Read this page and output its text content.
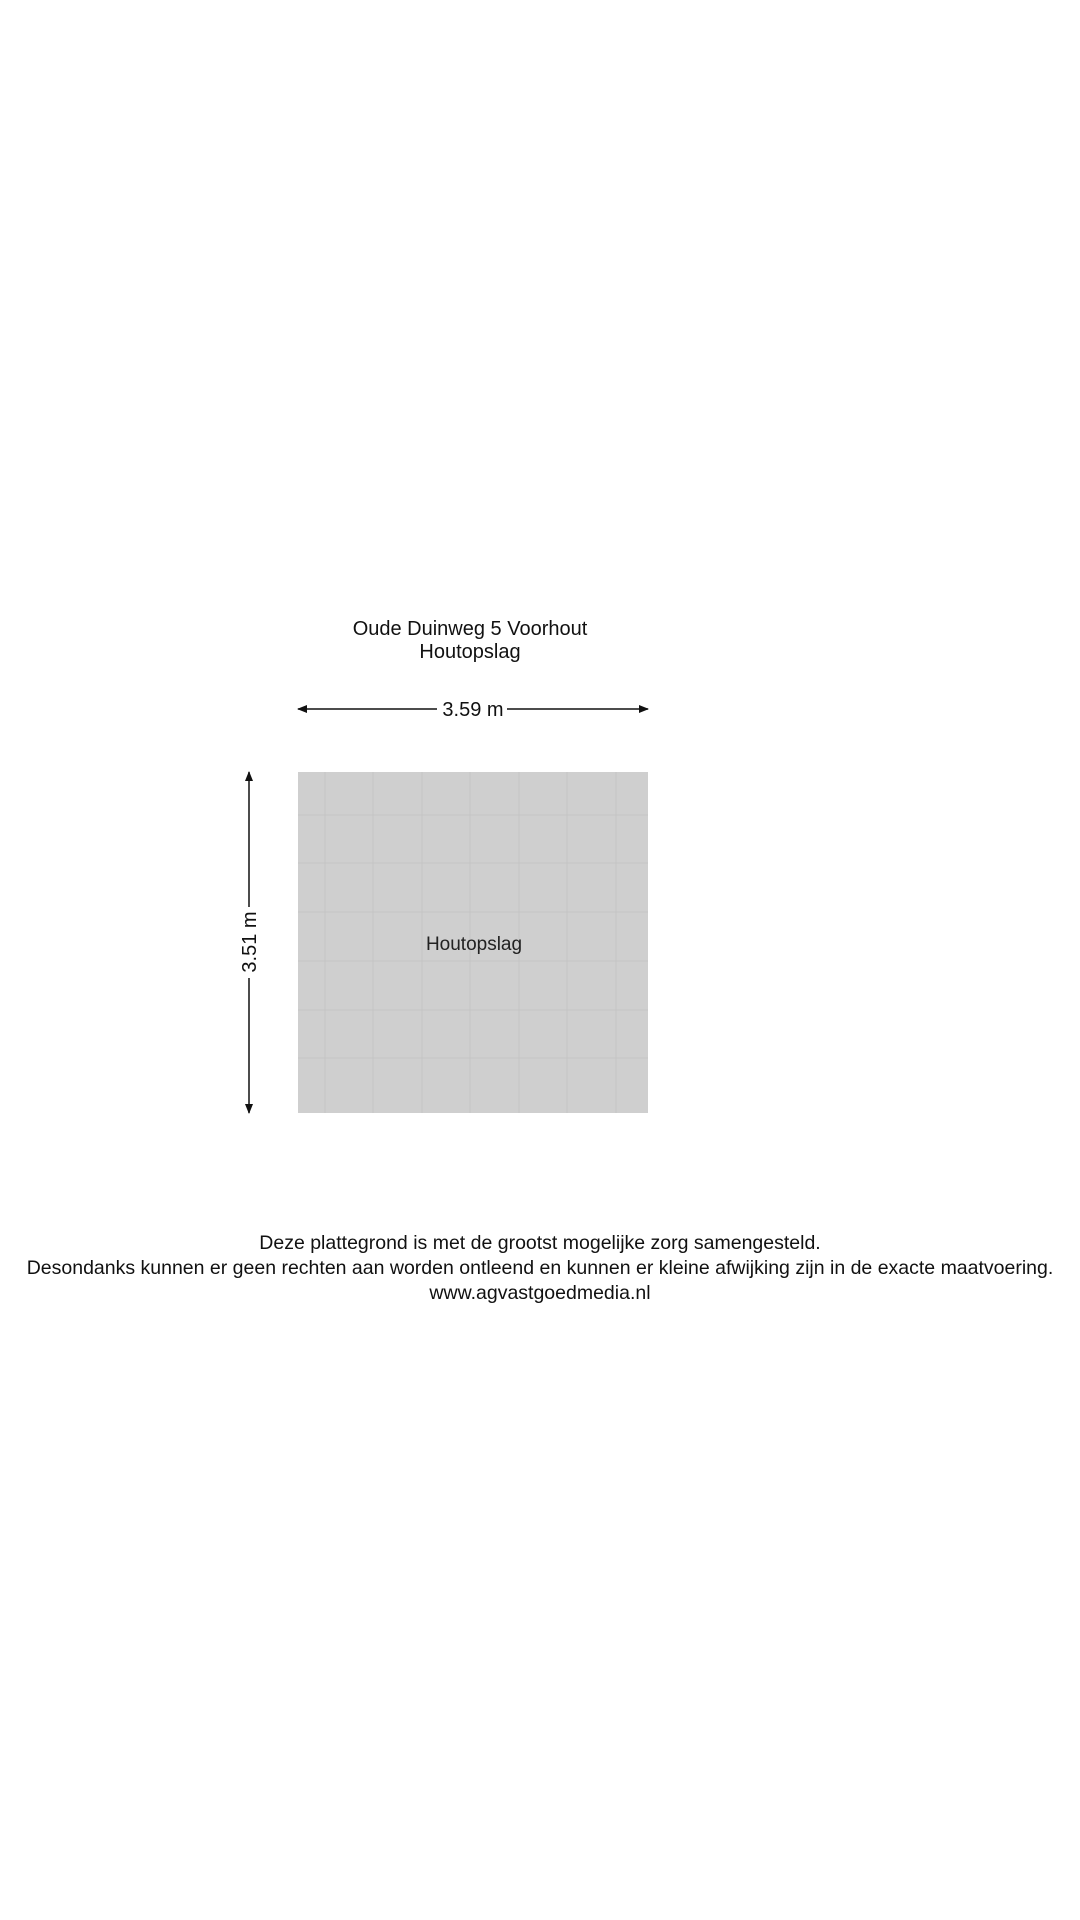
Oude Duinweg 5 Voorhout
Houtopslag
3.59 m
3.51 m	Houtopslag
Deze plattegrond is met de grootst mogelijke zorg samengesteld.
Desondanks kunnen er geen rechten aan worden ontleend en kunnen er kleine afwijking zijn in de exacte maatvoering.
www.agvastgoedmedia.nl
